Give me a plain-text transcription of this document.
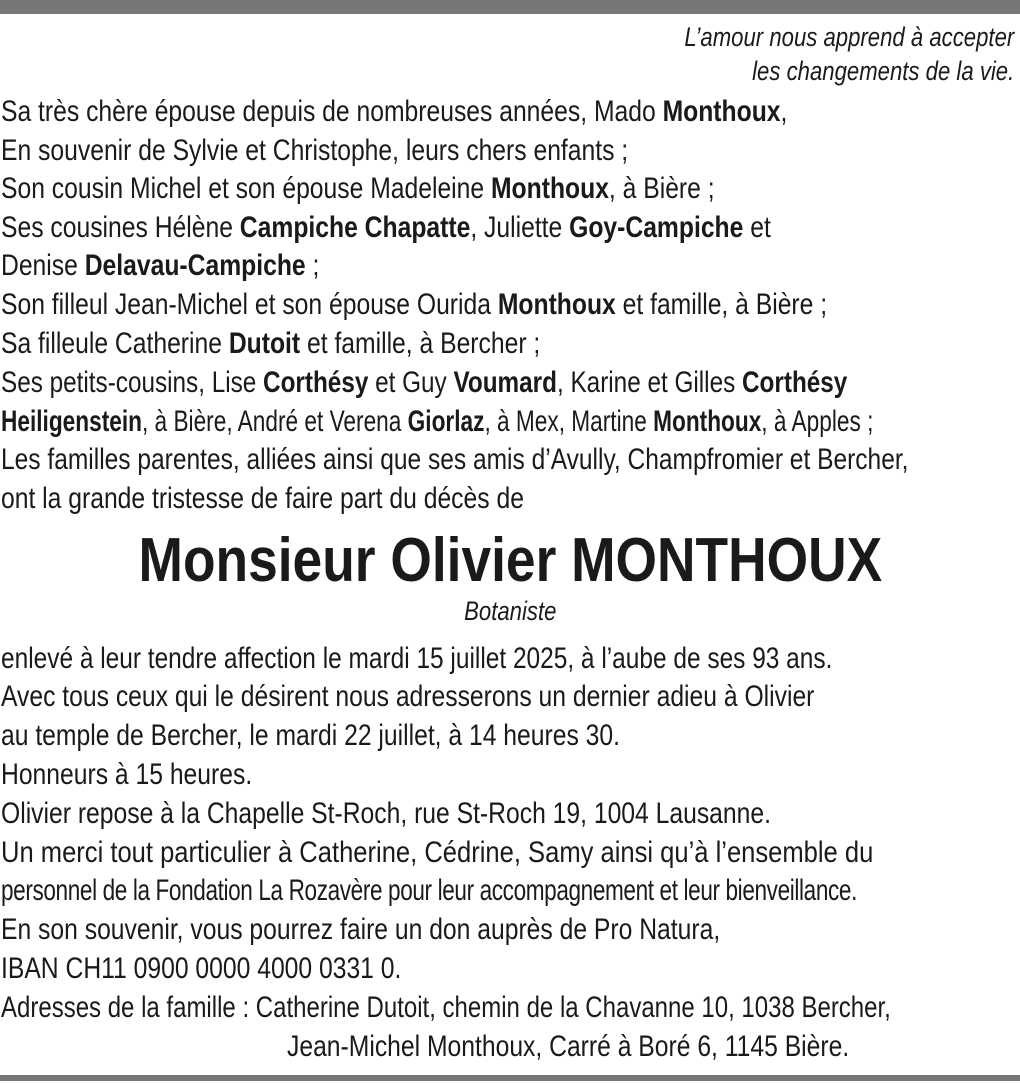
L’amour nous apprend à accepter
les changements de la vie.
Sa très chère épouse depuis de nombreuses années, Mado Monthoux,
En souvenir de Sylvie et Christophe, leurs chers enfants ;
Son cousin Michel et son épouse Madeleine Monthoux, à Bière ;
Ses cousines Hélène Campiche Chapatte, Juliette Goy-Campiche et
Denise Delavau-Campiche ;
Son filleul Jean-Michel et son épouse Ourida Monthoux et famille, à Bière ;
Sa filleule Catherine Dutoit et famille, à Bercher ;
Ses petits-cousins, Lise Corthésy et Guy Voumard, Karine et Gilles Corthésy
Heiligenstein, à Bière, André et Verena Giorlaz, à Mex, Martine Monthoux, à Apples ;
Les familles parentes, alliées ainsi que ses amis d’Avully, Champfromier et Bercher,
ont la grande tristesse de faire part du décès de
Monsieur Olivier MONTHOUX
Botaniste
enlevé à leur tendre affection le mardi 15 juillet 2025, à l’aube de ses 93 ans.
Avec tous ceux qui le désirent nous adresserons un dernier adieu à Olivier
au temple de Bercher, le mardi 22 juillet, à 14 heures 30.
Honneurs à 15 heures.
Olivier repose à la Chapelle St-Roch, rue St-Roch 19, 1004 Lausanne.
Un merci tout particulier à Catherine, Cédrine, Samy ainsi qu’à l’ensemble du
personnel de la Fondation La Rozavère pour leur accompagnement et leur bienveillance.
En son souvenir, vous pourrez faire un don auprès de Pro Natura,
IBAN CH11 0900 0000 4000 0331 0.
Adresses de la famille : Catherine Dutoit, chemin de la Chavanne 10, 1038 Bercher,
Jean-Michel Monthoux, Carré à Boré 6, 1145 Bière.
